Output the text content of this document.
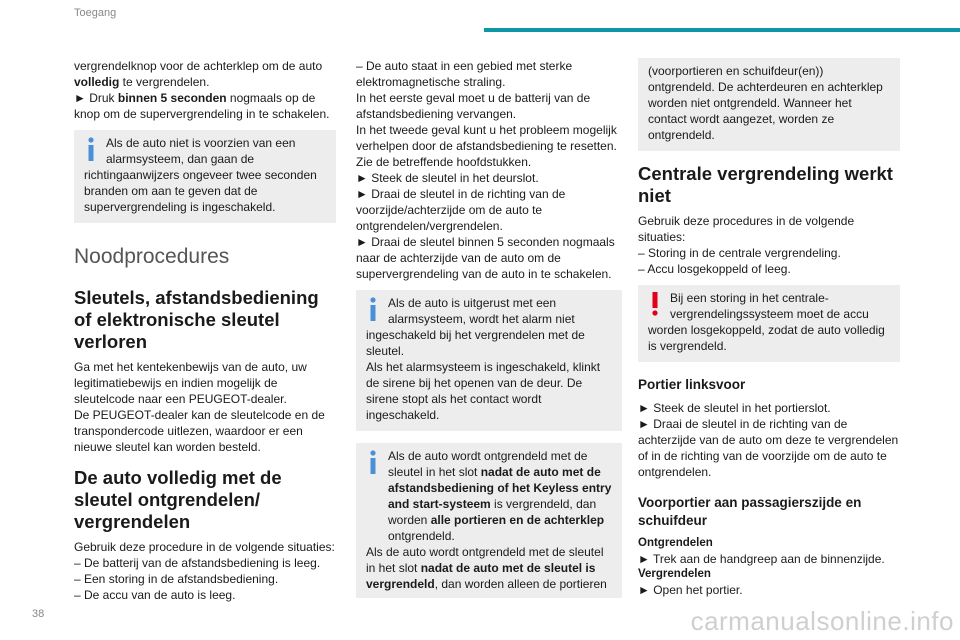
Toegang

vergrendelknop voor de achterklep om de auto volledig te vergrendelen.

► Druk binnen 5 seconden nogmaals op de knop om de supervergrendeling in te schakelen.

Als de auto niet is voorzien van een alarmsysteem, dan gaan de

richtingaanwijzers ongeveer twee seconden branden om aan te geven dat de supervergrendeling is ingeschakeld.

Noodprocedures
Sleutels, afstandsbediening of elektronische sleutel verloren

Ga met het kentekenbewijs van de auto, uw legitimatiebewijs en indien mogelijk de sleutelcode naar een PEUGEOT-dealer.

De PEUGEOT-dealer kan de sleutelcode en de transpondercode uitlezen, waardoor er een nieuwe sleutel kan worden besteld.

De auto volledig met de sleutel ontgrendelen/ vergrendelen

Gebruik deze procedure in de volgende situaties:

– De batterij van de afstandsbediening is leeg.

– Een storing in de afstandsbediening.

– De accu van de auto is leeg.

– De auto staat in een gebied met sterke elektromagnetische straling.

In het eerste geval moet u de batterij van de afstandsbediening vervangen.

In het tweede geval kunt u het probleem mogelijk verhelpen door de afstandsbediening te resetten.

Zie de betreffende hoofdstukken.

► Steek de sleutel in het deurslot.

► Draai de sleutel in de richting van de voorzijde/achterzijde om de auto te ontgrendelen/vergrendelen.

► Draai de sleutel binnen 5 seconden nogmaals naar de achterzijde van de auto om de supervergrendeling van de auto in te schakelen.

Als de auto is uitgerust met een alarmsysteem, wordt het alarm niet

ingeschakeld bij het vergrendelen met de sleutel.

Als het alarmsysteem is ingeschakeld, klinkt de sirene bij het openen van de deur. De sirene stopt als het contact wordt ingeschakeld.

Als de auto wordt ontgrendeld met de sleutel in het slot nadat de auto met de afstandsbediening of het Keyless entry and start-systeem is vergrendeld, dan worden alle portieren en de achterklep ontgrendeld.

Als de auto wordt ontgrendeld met de sleutel in het slot nadat de auto met de sleutel is vergrendeld, dan worden alleen de portieren

(voorportieren en schuifdeur(en)) ontgrendeld. De achterdeuren en achterklep worden niet ontgrendeld. Wanneer het contact wordt aangezet, worden ze ontgrendeld.

Centrale vergrendeling werkt niet

Gebruik deze procedures in de volgende situaties:

– Storing in de centrale vergrendeling.

– Accu losgekoppeld of leeg.

Bij een storing in het centrale-vergrendelingssysteem moet de accu

worden losgekoppeld, zodat de auto volledig is vergrendeld.

Portier linksvoor

► Steek de sleutel in het portierslot.

► Draai de sleutel in de richting van de achterzijde van de auto om deze te vergrendelen of in de richting van de voorzijde om de auto te ontgrendelen.

Voorportier aan passagierszijde en schuifdeur
Ontgrendelen

► Trek aan de handgreep aan de binnenzijde.

Vergrendelen

► Open het portier.

38	carmanualsonline.info
